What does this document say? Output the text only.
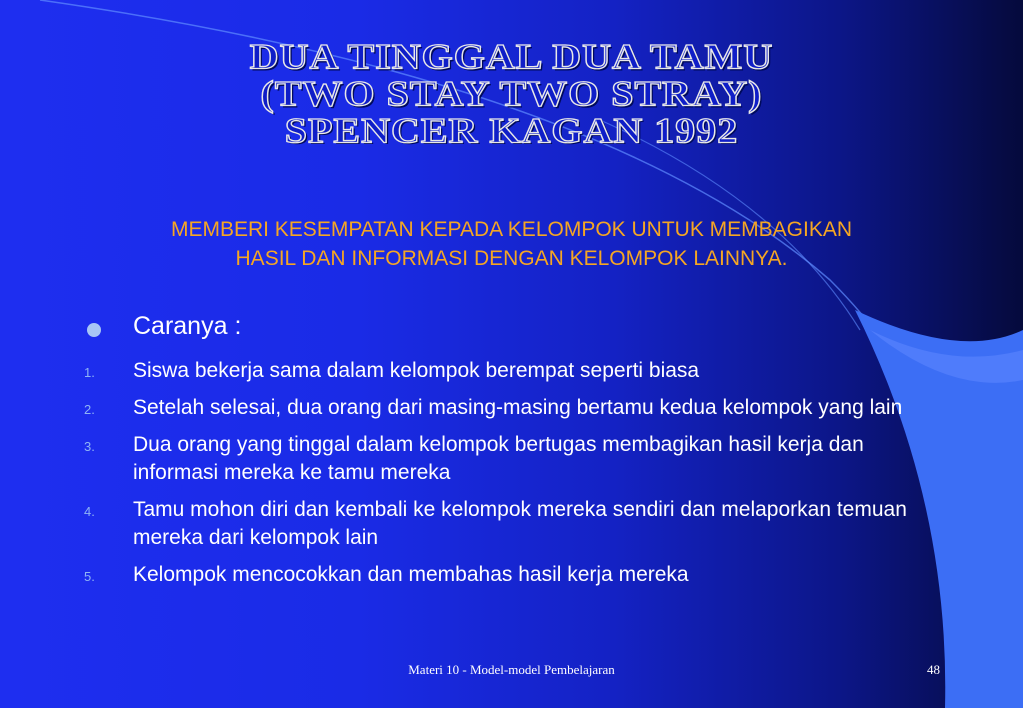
DUA TINGGAL DUA TAMU
(TWO STAY TWO STRAY)
SPENCER KAGAN 1992
MEMBERI KESEMPATAN KEPADA KELOMPOK UNTUK MEMBAGIKAN
HASIL DAN INFORMASI DENGAN KELOMPOK LAINNYA.
Caranya :
1. Siswa bekerja sama dalam kelompok berempat seperti biasa
2. Setelah selesai, dua orang dari masing-masing bertamu kedua kelompok yang lain
3. Dua orang yang tinggal dalam kelompok bertugas membagikan hasil kerja dan informasi mereka ke tamu mereka
4. Tamu mohon diri dan kembali ke kelompok mereka sendiri dan melaporkan temuan mereka dari kelompok lain
5. Kelompok mencocokkan dan membahas hasil kerja mereka
Materi 10 - Model-model Pembelajaran	48
